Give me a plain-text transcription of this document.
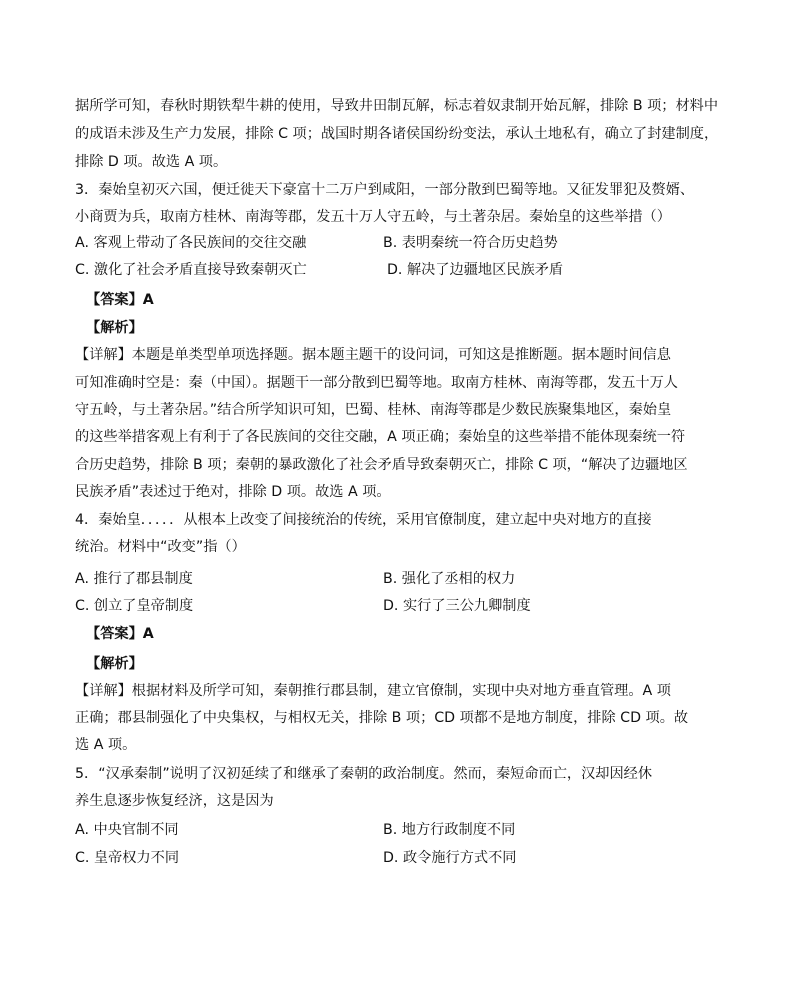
据所学可知，春秋时期铁犁牛耕的使用，导致井田制瓦解，标志着奴隶制开始瓦解，排除 B 项；材料中
的成语未涉及生产力发展，排除 C 项；战国时期各诸侯国纷纷变法，承认土地私有，确立了封建制度，
排除 D 项。故选 A 项。
3．秦始皇初灭六国，便迁徙天下豪富十二万户到咸阳，一部分散到巴蜀等地。又征发罪犯及赘婿、
小商贾为兵，取南方桂林、南海等郡，发五十万人守五岭，与土著杂居。秦始皇的这些举措（）
A. 客观上带动了各民族间的交往交融	B. 表明秦统一符合历史趋势
C. 激化了社会矛盾直接导致秦朝灭亡	D. 解决了边疆地区民族矛盾
【答案】A
【解析】
【详解】本题是单类型单项选择题。据本题主题干的设问词，可知这是推断题。据本题时间信息
可知准确时空是：秦（中国）。据题干一部分散到巴蜀等地。取南方桂林、南海等郡，发五十万人
守五岭，与土著杂居。”结合所学知识可知，巴蜀、桂林、南海等郡是少数民族聚集地区，秦始皇
的这些举措客观上有利于了各民族间的交往交融，A 项正确；秦始皇的这些举措不能体现秦统一符
合历史趋势，排除 B 项；秦朝的暴政激化了社会矛盾导致秦朝灭亡，排除 C 项，“解决了边疆地区
民族矛盾”表述过于绝对，排除 D 项。故选 A 项。
4．秦始皇．．．．．从根本上改变了间接统治的传统，采用官僚制度，建立起中央对地方的直接
统治。材料中“改变”指（）
A. 推行了郡县制度	B. 强化了丞相的权力
C. 创立了皇帝制度	D. 实行了三公九卿制度
【答案】A
【解析】
【详解】根据材料及所学可知，秦朝推行郡县制，建立官僚制，实现中央对地方垂直管理。A 项
正确；郡县制强化了中央集权，与相权无关，排除 B 项；CD 项都不是地方制度，排除 CD 项。故
选 A 项。
5．“汉承秦制”说明了汉初延续了和继承了秦朝的政治制度。然而，秦短命而亡，汉却因经休
养生息逐步恢复经济，这是因为
A. 中央官制不同	B. 地方行政制度不同
C. 皇帝权力不同	D. 政令施行方式不同
